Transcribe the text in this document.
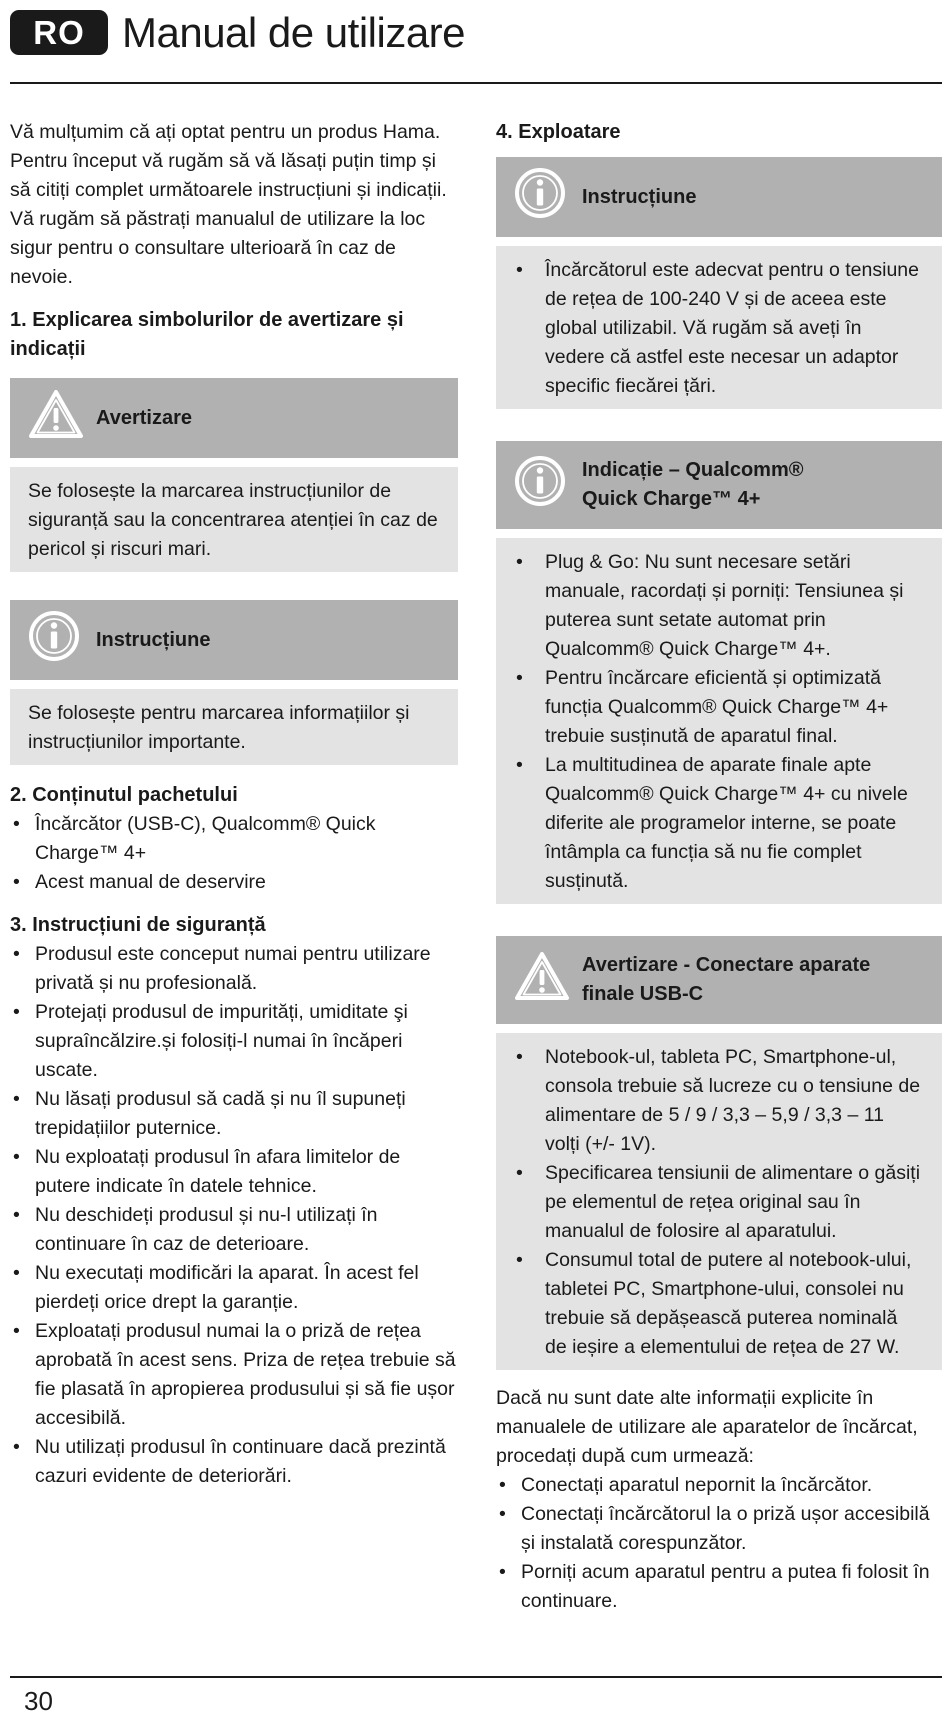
RO Manual de utilizare

Vă mulțumim că ați optat pentru un produs Hama. Pentru început vă rugăm să vă lăsați puțin timp și să citiți complet următoarele instrucțiuni și indicații. Vă rugăm să păstrați manualul de utilizare la loc sigur pentru o consultare ulterioară în caz de nevoie.

1. Explicarea simbolurilor de avertizare și indicații
Avertizare
Se folosește la marcarea instrucțiunilor de siguranță sau la concentrarea atenției în caz de pericol și riscuri mari.
Instrucțiune
Se folosește pentru marcarea informațiilor și instrucțiunilor importante.
2. Conținutul pachetului
• Încărcător (USB-C), Qualcomm® Quick Charge™ 4+
• Acest manual de deservire
3. Instrucțiuni de siguranță
• Produsul este conceput numai pentru utilizare privată și nu profesională.
• Protejați produsul de impurități, umiditate şi supraîncălzire.și folosiți-l numai în încăperi uscate.
• Nu lăsați produsul să cadă și nu îl supuneți trepidațiilor puternice.
• Nu exploatați produsul în afara limitelor de putere indicate în datele tehnice.
• Nu deschideți produsul și nu-l utilizați în continuare în caz de deterioare.
• Nu executați modificări la aparat. În acest fel pierdeți orice drept la garanție.
• Exploatați produsul numai la o priză de rețea aprobată în acest sens. Priza de rețea trebuie să fie plasată în apropierea produsului și să fie ușor accesibilă.
• Nu utilizați produsul în continuare dacă prezintă cazuri evidente de deteriorări.
4. Exploatare
Instrucțiune
• Încărcătorul este adecvat pentru o tensiune de rețea de 100-240 V și de aceea este global utilizabil. Vă rugăm să aveți în vedere că astfel este necesar un adaptor specific fiecărei țări.
Indicație – Qualcomm®
Quick Charge™ 4+
• Plug & Go: Nu sunt necesare setări manuale, racordați și porniți: Tensiunea și puterea sunt setate automat prin Qualcomm® Quick Charge™ 4+.
• Pentru încărcare eficientă și optimizată funcția Qualcomm® Quick Charge™ 4+ trebuie susținută de aparatul final.
• La multitudinea de aparate finale apte Qualcomm® Quick Charge™ 4+ cu nivele diferite ale programelor interne, se poate întâmpla ca funcția să nu fie complet susținută.
Avertizare - Conectare aparate
finale USB-C
• Notebook-ul, tableta PC, Smartphone-ul, consola trebuie să lucreze cu o tensiune de alimentare de 5 / 9 / 3,3 – 5,9 / 3,3 – 11 volți (+/- 1V).
• Specificarea tensiunii de alimentare o găsiți pe elementul de rețea original sau în manualul de folosire al aparatului.
• Consumul total de putere al notebook-ului, tabletei PC, Smartphone-ului, consolei nu trebuie să depășească puterea nominală de ieșire a elementului de rețea de 27 W.

Dacă nu sunt date alte informații explicite în manualele de utilizare ale aparatelor de încărcat, procedați după cum urmează:

• Conectați aparatul nepornit la încărcător.
• Conectați încărcătorul la o priză ușor accesibilă și instalată corespunzător.
• Porniți acum aparatul pentru a putea fi folosit în continuare.
30
